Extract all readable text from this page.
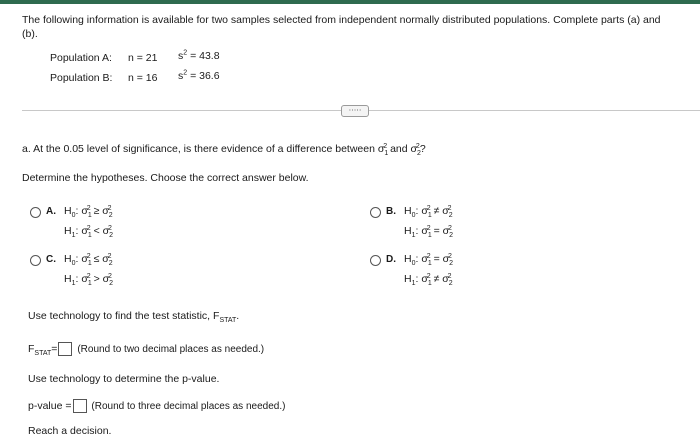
The following information is available for two samples selected from independent normally distributed populations. Complete parts (a) and
(b).
Population A: n = 21 $s^2 = 43.8$
Population B: n = 16 $s^2 = 36.6$
·····
a. At the 0.05 level of significance, is there evidence of a difference between $\sigma_1^2$ and $\sigma_2^2$?
Determine the hypotheses. Choose the correct answer below.
A. $H_0$: $\sigma_1^2 \ge \sigma_2^2$
$H_1$: $\sigma_1^2 < \sigma_2^2$
B. $H_0$: $\sigma_1^2 \ne \sigma_2^2$
$H_1$: $\sigma_1^2 = \sigma_2^2$
C. $H_0$: $\sigma_1^2 \le \sigma_2^2$
$H_1$: $\sigma_1^2 > \sigma_2^2$
D. $H_0$: $\sigma_1^2 = \sigma_2^2$
$H_1$: $\sigma_1^2 \ne \sigma_2^2$
Use technology to find the test statistic, $F_{STAT}$.
$F_{STAT}=$ (Round to two decimal places as needed.)
Use technology to determine the p-value.
p-value = (Round to three decimal places as needed.)
Reach a decision.
